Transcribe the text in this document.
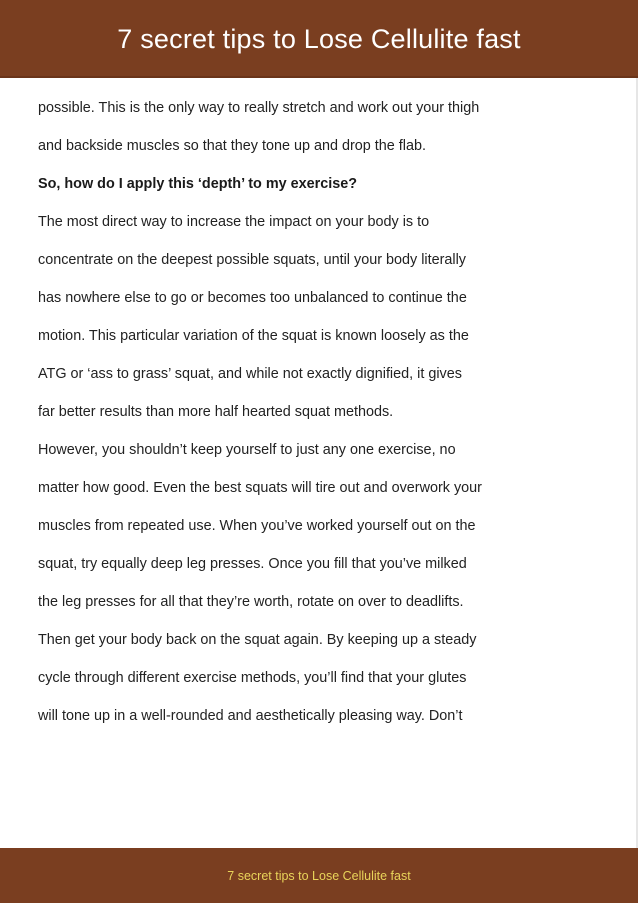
7 secret tips to Lose Cellulite fast
possible. This is the only way to really stretch and work out your thigh
and backside muscles so that they tone up and drop the flab.
So, how do I apply this ‘depth’ to my exercise?
The most direct way to increase the impact on your body is to
concentrate on the deepest possible squats, until your body literally
has nowhere else to go or becomes too unbalanced to continue the
motion. This particular variation of the squat is known loosely as the
ATG or ‘ass to grass’ squat, and while not exactly dignified, it gives
far better results than more half hearted squat methods.
However, you shouldn’t keep yourself to just any one exercise, no
matter how good. Even the best squats will tire out and overwork your
muscles from repeated use. When you’ve worked yourself out on the
squat, try equally deep leg presses. Once you fill that you’ve milked
the leg presses for all that they’re worth, rotate on over to deadlifts.
Then get your body back on the squat again. By keeping up a steady
cycle through different exercise methods, you’ll find that your glutes
will tone up in a well-rounded and aesthetically pleasing way. Don’t
7 secret tips to Lose Cellulite fast
